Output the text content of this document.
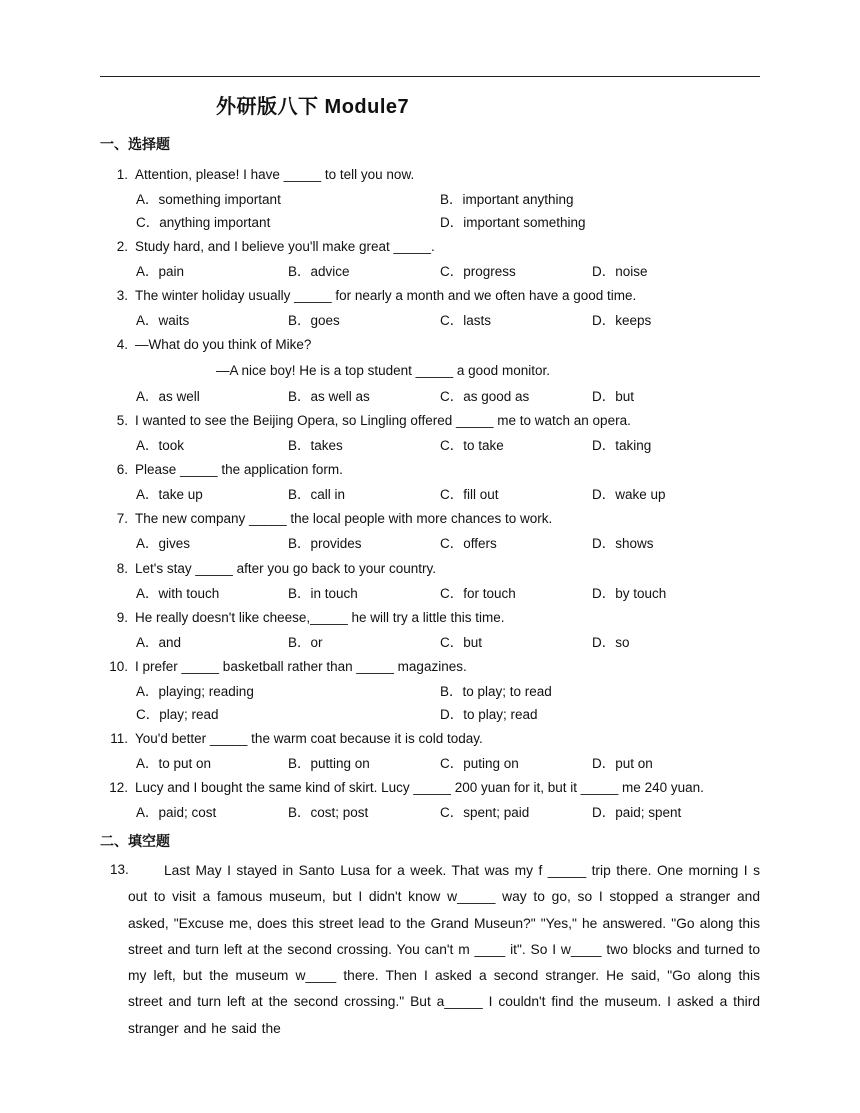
外研版八下 Module7
一、选择题
1. Attention, please! I have _____ to tell you now.
A．something important	B．important anything
C．anything important	D．important something
2. Study hard, and I believe you'll make great _____.
A．pain	B．advice	C．progress	D．noise
3. The winter holiday usually _____ for nearly a month and we often have a good time.
A．waits	B．goes	C．lasts	D．keeps
4. —What do you think of Mike?
—A nice boy! He is a top student _____ a good monitor.
A．as well	B．as well as	C．as good as	D．but
5. I wanted to see the Beijing Opera, so Lingling offered _____ me to watch an opera.
A．took	B．takes	C．to take	D．taking
6. Please _____ the application form.
A．take up	B．call in	C．fill out	D．wake up
7. The new company _____ the local people with more chances to work.
A．gives	B．provides	C．offers	D．shows
8. Let's stay _____ after you go back to your country.
A．with touch	B．in touch	C．for touch	D．by touch
9. He really doesn't like cheese,_____ he will try a little this time.
A．and	B．or	C．but	D．so
10. I prefer _____ basketball rather than _____ magazines.
A．playing; reading	B．to play; to read
C．play; read	D．to play; read
11. You'd better _____ the warm coat because it is cold today.
A．to put on	B．putting on	C．puting on	D．put on
12. Lucy and I bought the same kind of skirt. Lucy _____ 200 yuan for it, but it _____ me 240 yuan.
A．paid; cost	B．cost; post	C．spent; paid	D．paid; spent
二、填空题
13.	Last May I stayed in Santo Lusa for a week. That was my f _____ trip there. One morning I s out to visit a famous museum, but I didn't know w_____ way to go, so I stopped a stranger and asked, "Excuse me, does this street lead to the Grand Museun?" "Yes," he answered. "Go along this street and turn left at the second crossing. You can't m ____ it". So I w____ two blocks and turned to my left, but the museum w____ there. Then I asked a second stranger. He said, "Go along this street and turn left at the second crossing." But a_____ I couldn't find the museum. I asked a third stranger and he said the
